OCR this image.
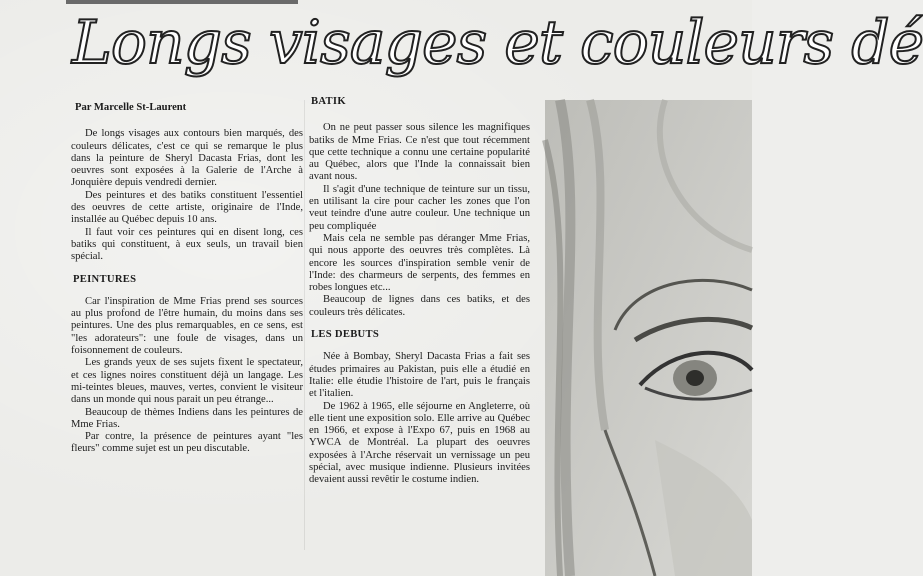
Longs visages et couleurs dé
Par Marcelle St-Laurent

De longs visages aux contours bien marqués, des couleurs délicates, c'est ce qui se remarque le plus dans la peinture de Sheryl Dacasta Frias, dont les oeuvres sont exposées à la Galerie de l'Arche à Jonquière depuis vendredi dernier.

Des peintures et des batiks constituent l'essentiel des oeuvres de cette artiste, originaire de l'Inde, installée au Québec depuis 10 ans.

Il faut voir ces peintures qui en disent long, ces batiks qui constituent, à eux seuls, un travail bien spécial.

PEINTURES

Car l'inspiration de Mme Frias prend ses sources au plus profond de l'être humain, du moins dans ses peintures. Une des plus remarquables, en ce sens, est "les adorateurs": une foule de visages, dans un foisonnement de couleurs.

Les grands yeux de ses sujets fixent le spectateur, et ces lignes noires constituent déjà un langage. Les mi-teintes bleues, mauves, vertes, convient le visiteur dans un monde qui nous parait un peu étrange...

Beaucoup de thèmes Indiens dans les peintures de Mme Frias.

Par contre, la présence de peintures ayant "les fleurs" comme sujet est un peu discutable.

BATIK

On ne peut passer sous silence les magnifiques batiks de Mme Frias. Ce n'est que tout récemment que cette technique a connu une certaine popularité au Québec, alors que l'Inde la connaissait bien avant nous.

Il s'agit d'une technique de teinture sur un tissu, en utilisant la cire pour cacher les zones que l'on veut teindre d'une autre couleur. Une technique un peu compliquée

Mais cela ne semble pas déranger Mme Frias, qui nous apporte des oeuvres très complètes. Là encore les sources d'inspiration semble venir de l'Inde: des charmeurs de serpents, des femmes en robes longues etc...

Beaucoup de lignes dans ces batiks, et des couleurs très délicates.

LES DEBUTS

Née à Bombay, Sheryl Dacasta Frias a fait ses études primaires au Pakistan, puis elle a étudié en Italie: elle étudie l'histoire de l'art, puis le français et l'italien.

De 1962 à 1965, elle séjourne en Angleterre, où elle tient une exposition solo. Elle arrive au Québec en 1966, et expose à l'Expo 67, puis en 1968 au YWCA de Montréal. La plupart des oeuvres exposées à l'Arche réservait un vernissage un peu spécial, avec musique indienne. Plusieurs invitées devaient aussi revêtir le costume indien.
